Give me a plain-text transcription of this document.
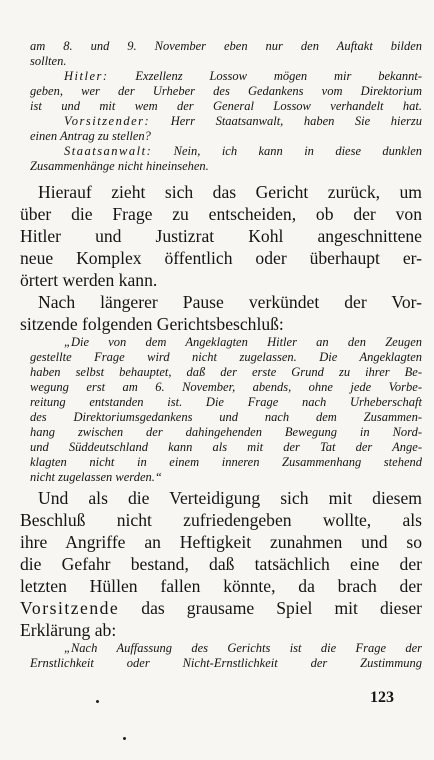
am 8. und 9. November eben nur den Auftakt bilden
sollten.
Hitler: Exzellenz Lossow mögen mir bekannt-
geben, wer der Urheber des Gedankens vom Direktorium
ist und mit wem der General Lossow verhandelt hat.
Vorsitzender: Herr Staatsanwalt, haben Sie hierzu
einen Antrag zu stellen?
Staatsanwalt: Nein, ich kann in diese dunklen
Zusammenhänge nicht hineinsehen.
Hierauf zieht sich das Gericht zurück, um
über die Frage zu entscheiden, ob der von
Hitler und Justizrat Kohl angeschnittene
neue Komplex öffentlich oder überhaupt er-
örtert werden kann.
Nach längerer Pause verkündet der Vor-
sitzende folgenden Gerichtsbeschluß:
„Die von dem Angeklagten Hitler an den Zeugen
gestellte Frage wird nicht zugelassen. Die Angeklagten
haben selbst behauptet, daß der erste Grund zu ihrer Be-
wegung erst am 6. November, abends, ohne jede Vorbe-
reitung entstanden ist. Die Frage nach Urheberschaft
des Direktoriumsgedankens und nach dem Zusammen-
hang zwischen der dahingehenden Bewegung in Nord-
und Süddeutschland kann als mit der Tat der Ange-
klagten nicht in einem inneren Zusammenhang stehend
nicht zugelassen werden.“
Und als die Verteidigung sich mit diesem
Beschluß nicht zufriedengeben wollte, als
ihre Angriffe an Heftigkeit zunahmen und so
die Gefahr bestand, daß tatsächlich eine der
letzten Hüllen fallen könnte, da brach der
Vorsitzende das grausame Spiel mit dieser
Erklärung ab:
„Nach Auffassung des Gerichts ist die Frage der
Ernstlichkeit oder Nicht-Ernstlichkeit der Zustimmung
123
